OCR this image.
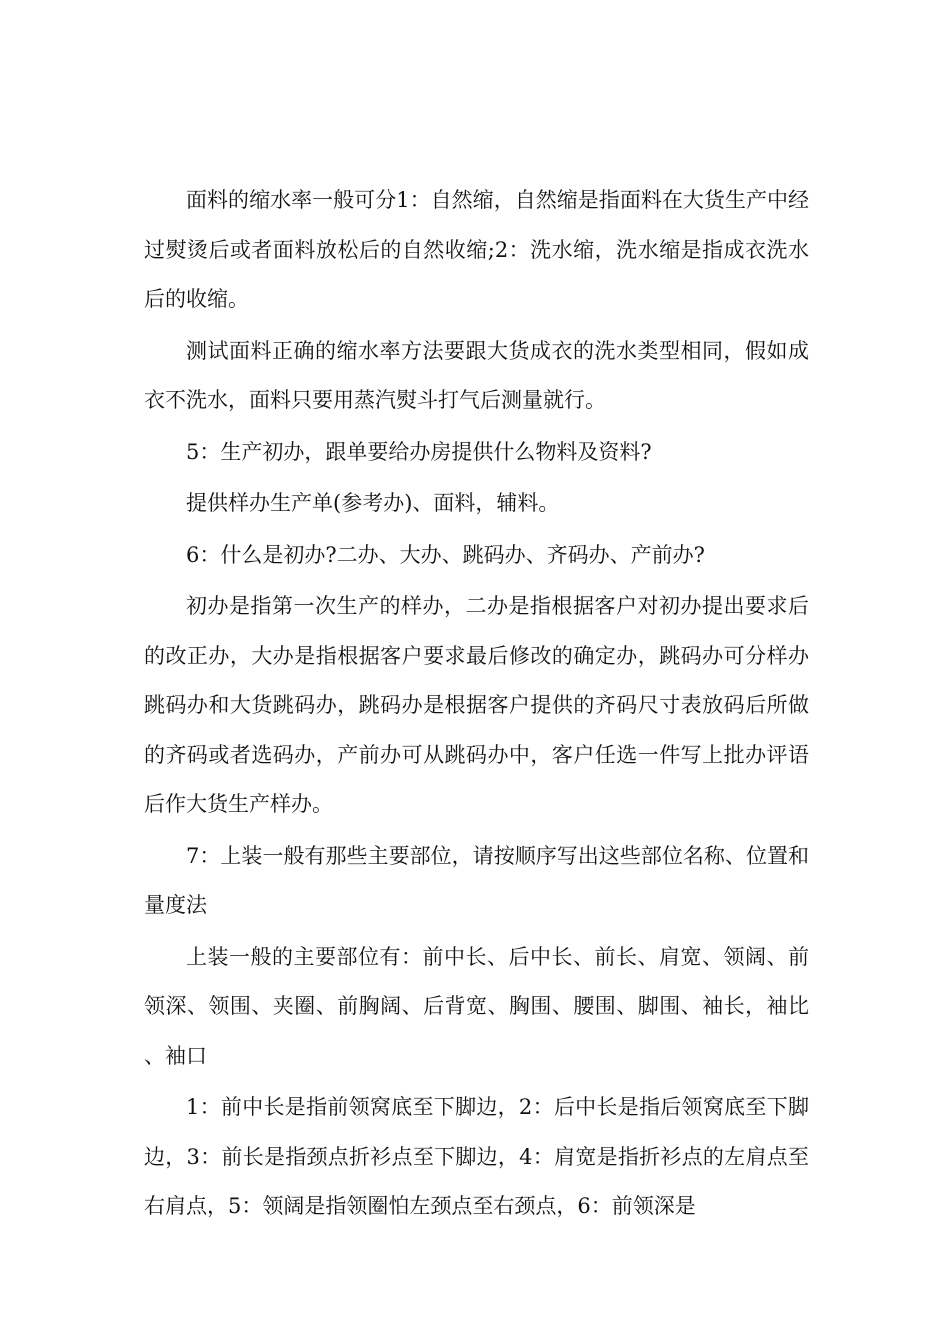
面料的缩水率一般可分1：自然缩，自然缩是指面料在大货生产中经过熨烫后或者面料放松后的自然收缩;2：洗水缩，洗水缩是指成衣洗水后的收缩。

测试面料正确的缩水率方法要跟大货成衣的洗水类型相同，假如成衣不洗水，面料只要用蒸汽熨斗打气后测量就行。

5：生产初办，跟单要给办房提供什么物料及资料?

提供样办生产单(参考办)、面料，辅料。

6：什么是初办?二办、大办、跳码办、齐码办、产前办?

初办是指第一次生产的样办，二办是指根据客户对初办提出要求后的改正办，大办是指根据客户要求最后修改的确定办，跳码办可分样办跳码办和大货跳码办，跳码办是根据客户提供的齐码尺寸表放码后所做的齐码或者选码办，产前办可从跳码办中，客户任选一件写上批办评语后作大货生产样办。

7：上装一般有那些主要部位，请按顺序写出这些部位名称、位置和量度法

上装一般的主要部位有：前中长、后中长、前长、肩宽、领阔、前领深、领围、夹圈、前胸阔、后背宽、胸围、腰围、脚围、袖长，袖比、袖口

1：前中长是指前领窝底至下脚边，2：后中长是指后领窝底至下脚边，3：前长是指颈点折衫点至下脚边，4：肩宽是指折衫点的左肩点至右肩点，5：领阔是指领圈怕左颈点至右颈点，6：前领深是
